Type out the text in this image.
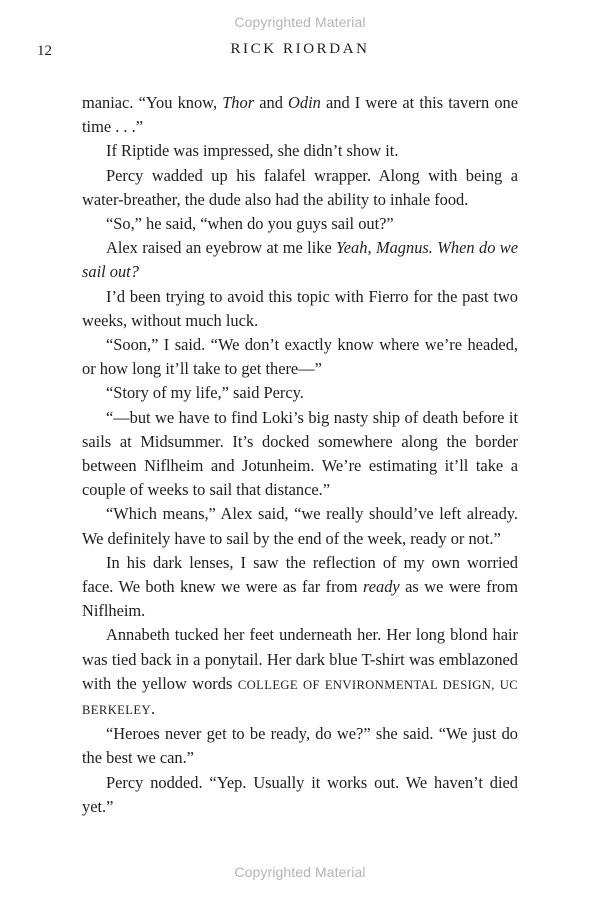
Copyrighted Material
12	RICK RIORDAN

maniac. “You know, Thor and Odin and I were at this tavern one time . . .”

If Riptide was impressed, she didn’t show it.

Percy wadded up his falafel wrapper. Along with being a water-breather, the dude also had the ability to inhale food.

“So,” he said, “when do you guys sail out?”

Alex raised an eyebrow at me like Yeah, Magnus. When do we sail out?

I’d been trying to avoid this topic with Fierro for the past two weeks, without much luck.

“Soon,” I said. “We don’t exactly know where we’re headed, or how long it’ll take to get there—”

“Story of my life,” said Percy.

“—but we have to find Loki’s big nasty ship of death before it sails at Midsummer. It’s docked somewhere along the border between Niflheim and Jotunheim. We’re estimating it’ll take a couple of weeks to sail that distance.”

“Which means,” Alex said, “we really should’ve left already. We definitely have to sail by the end of the week, ready or not.”

In his dark lenses, I saw the reflection of my own worried face. We both knew we were as far from ready as we were from Niflheim.

Annabeth tucked her feet underneath her. Her long blond hair was tied back in a ponytail. Her dark blue T-shirt was emblazoned with the yellow words COLLEGE OF ENVIRONMENTAL DESIGN, UC BERKELEY.

“Heroes never get to be ready, do we?” she said. “We just do the best we can.”

Percy nodded. “Yep. Usually it works out. We haven’t died yet.”

Copyrighted Material
